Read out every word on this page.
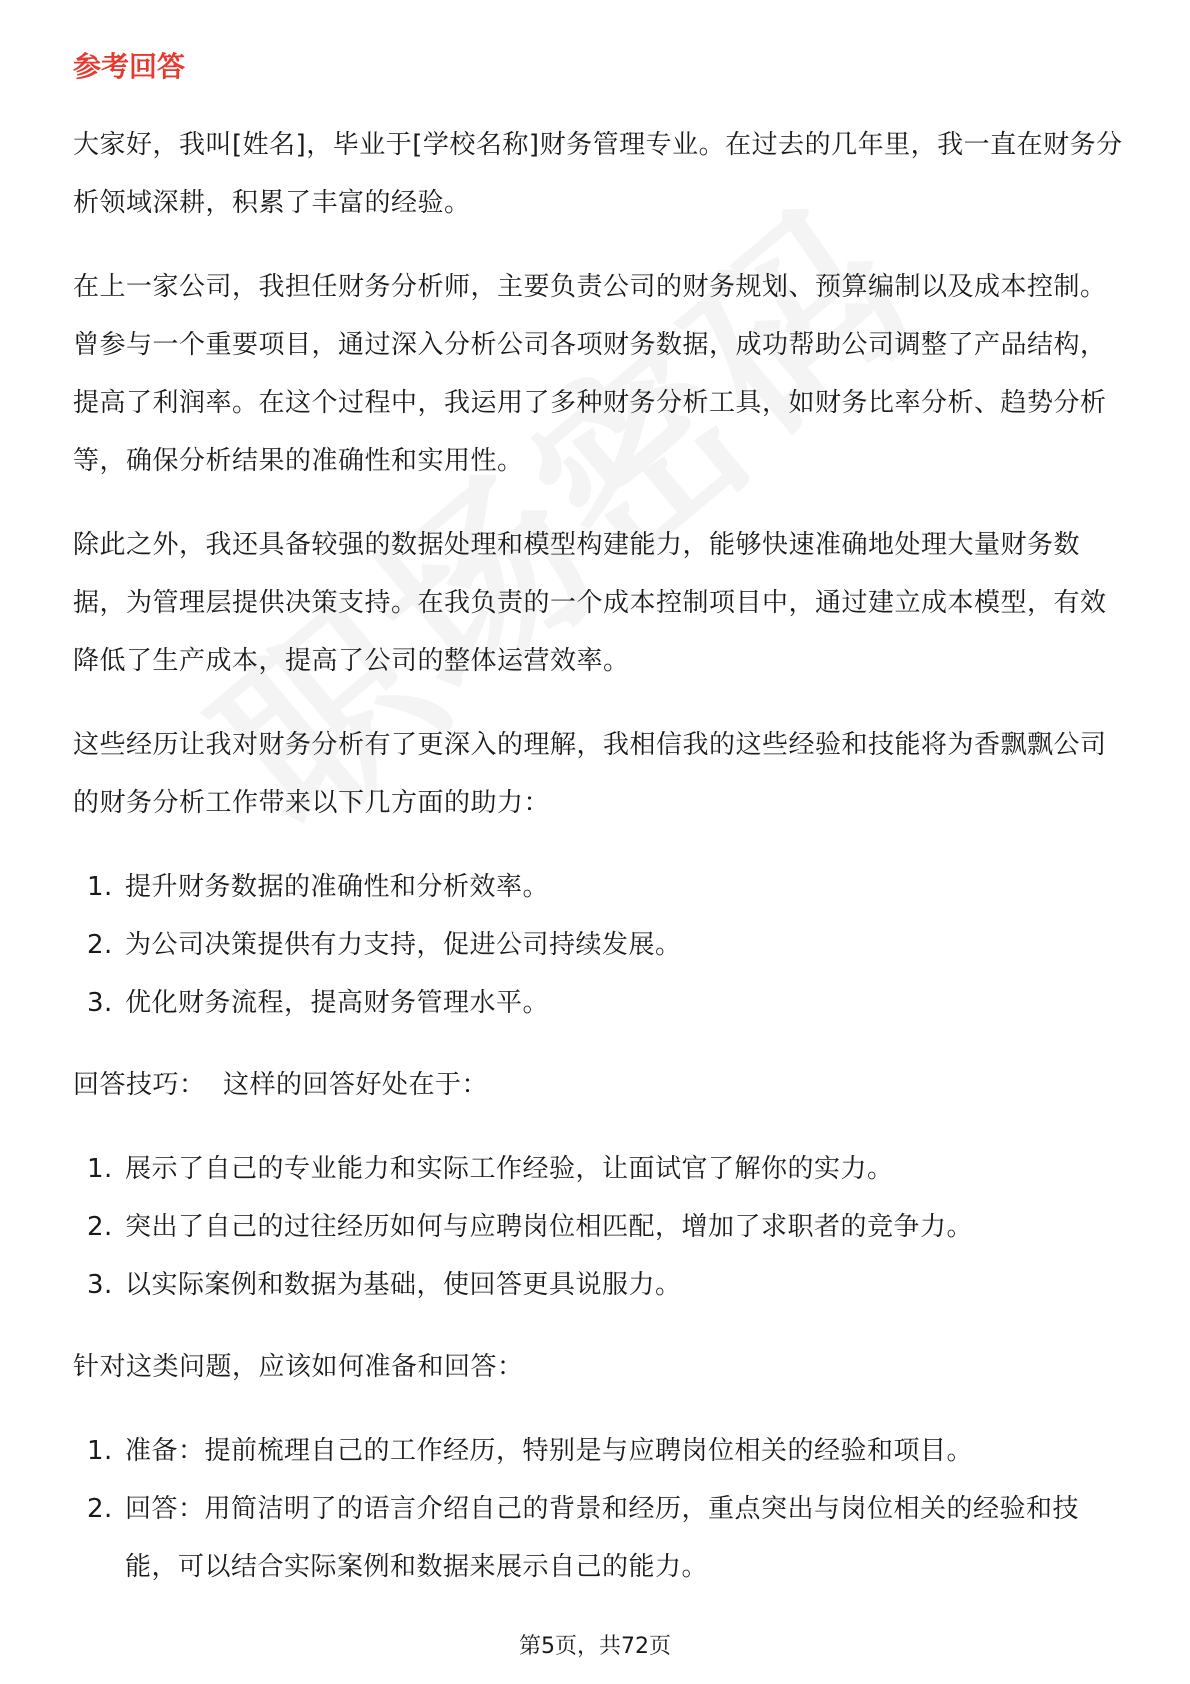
参考回答

大家好，我叫[姓名]，毕业于[学校名称]财务管理专业。在过去的几年里，我一直在财务分析领域深耕，积累了丰富的经验。

在上一家公司，我担任财务分析师，主要负责公司的财务规划、预算编制以及成本控制。曾参与一个重要项目，通过深入分析公司各项财务数据，成功帮助公司调整了产品结构，提高了利润率。在这个过程中，我运用了多种财务分析工具，如财务比率分析、趋势分析等，确保分析结果的准确性和实用性。

除此之外，我还具备较强的数据处理和模型构建能力，能够快速准确地处理大量财务数据，为管理层提供决策支持。在我负责的一个成本控制项目中，通过建立成本模型，有效降低了生产成本，提高了公司的整体运营效率。

这些经历让我对财务分析有了更深入的理解，我相信我的这些经验和技能将为香飘飘公司的财务分析工作带来以下几方面的助力：

1. 提升财务数据的准确性和分析效率。
2. 为公司决策提供有力支持，促进公司持续发展。
3. 优化财务流程，提高财务管理水平。

回答技巧：  这样的回答好处在于：

1. 展示了自己的专业能力和实际工作经验，让面试官了解你的实力。
2. 突出了自己的过往经历如何与应聘岗位相匹配，增加了求职者的竞争力。
3. 以实际案例和数据为基础，使回答更具说服力。

针对这类问题，应该如何准备和回答：

1. 准备：提前梳理自己的工作经历，特别是与应聘岗位相关的经验和项目。
2. 回答：用简洁明了的语言介绍自己的背景和经历，重点突出与岗位相关的经验和技能，可以结合实际案例和数据来展示自己的能力。
第5页，共72页
